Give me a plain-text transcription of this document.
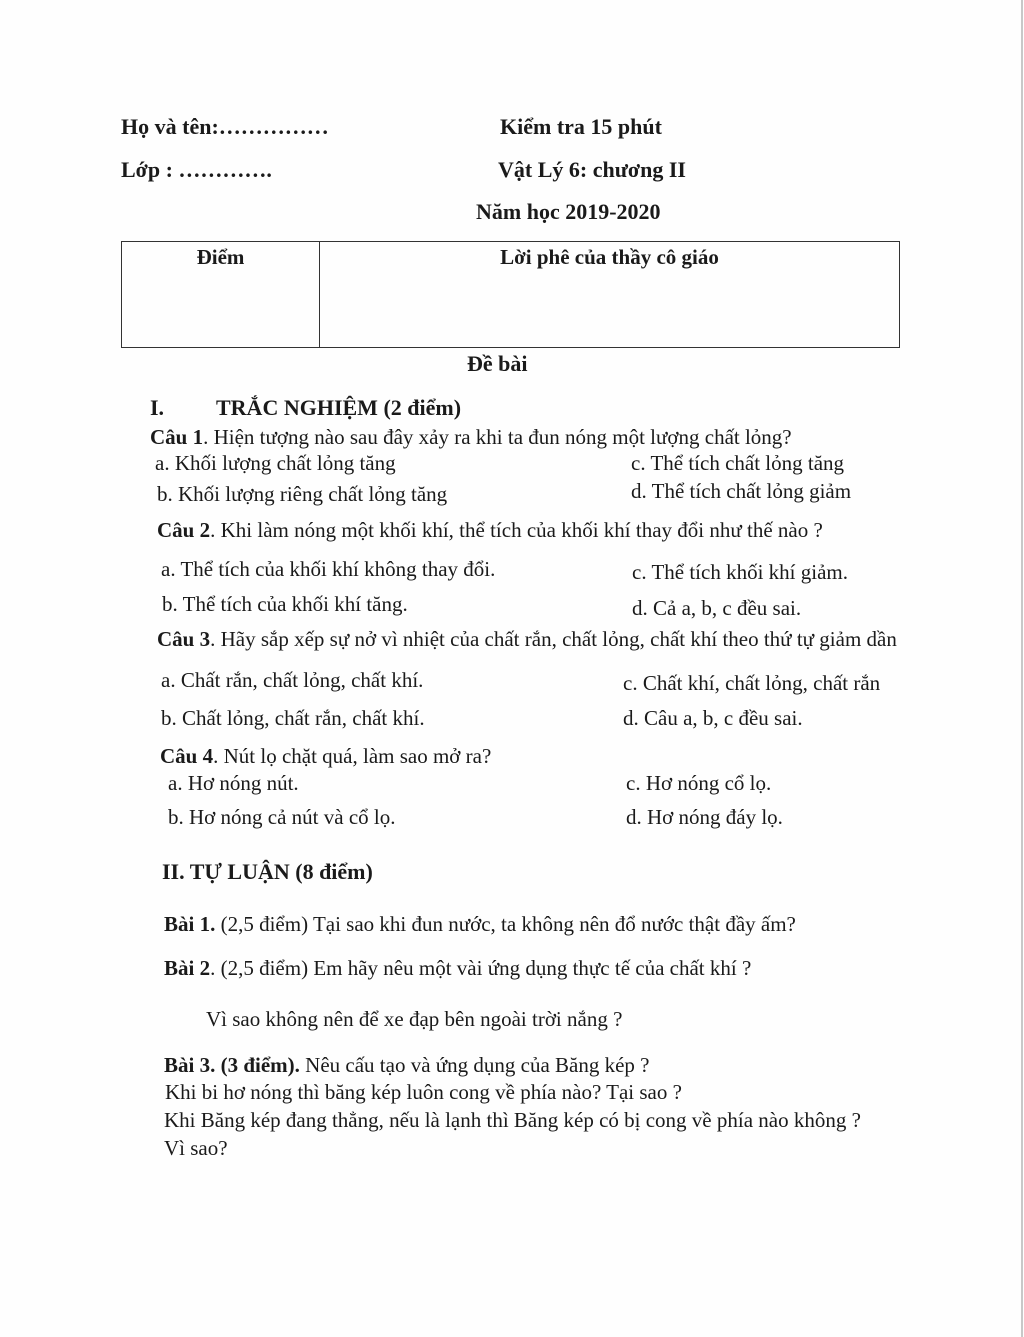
Họ và tên:……………
Lớp : ………….
Kiểm tra 15 phút
Vật Lý 6: chương II
Năm học 2019-2020
Điểm	Lời phê của thầy cô giáo
Đề bài
I. TRẮC NGHIỆM (2 điểm)
Câu 1. Hiện tượng nào sau đây xảy ra khi ta đun nóng một lượng chất lỏng?
a. Khối lượng chất lỏng tăng
b. Khối lượng riêng chất lỏng tăng
c. Thể tích chất lỏng tăng
d. Thể tích chất lỏng giảm
Câu 2. Khi làm nóng một khối khí, thể tích của khối khí thay đổi như thế nào ?
a. Thể tích của khối khí không thay đổi.
b. Thể tích của khối khí tăng.
c. Thể tích khối khí giảm.
d. Cả a, b, c đều sai.
Câu 3. Hãy sắp xếp sự nở vì nhiệt của chất rắn, chất lỏng, chất khí theo thứ tự giảm dần
a. Chất rắn, chất lỏng, chất khí.
b. Chất lỏng, chất rắn, chất khí.
c. Chất khí, chất lỏng, chất rắn
d. Câu a, b, c đều sai.
Câu 4. Nút lọ chặt quá, làm sao mở ra?
a. Hơ nóng nút.
b. Hơ nóng cả nút và cổ lọ.
c. Hơ nóng cổ lọ.
d. Hơ nóng đáy lọ.
II. TỰ LUẬN (8 điểm)
Bài 1. (2,5 điểm) Tại sao khi đun nước, ta không nên đổ nước thật đầy ấm?
Bài 2. (2,5 điểm) Em hãy nêu một vài ứng dụng thực tế của chất khí ?
Vì sao không nên để xe đạp bên ngoài trời nắng ?
Bài 3. (3 điểm). Nêu cấu tạo và ứng dụng của Băng kép ?
Khi bi hơ nóng thì băng kép luôn cong về phía nào? Tại sao ?
Khi Băng kép đang thẳng, nếu là lạnh thì Băng kép có bị cong về phía nào không ?
Vì sao?
